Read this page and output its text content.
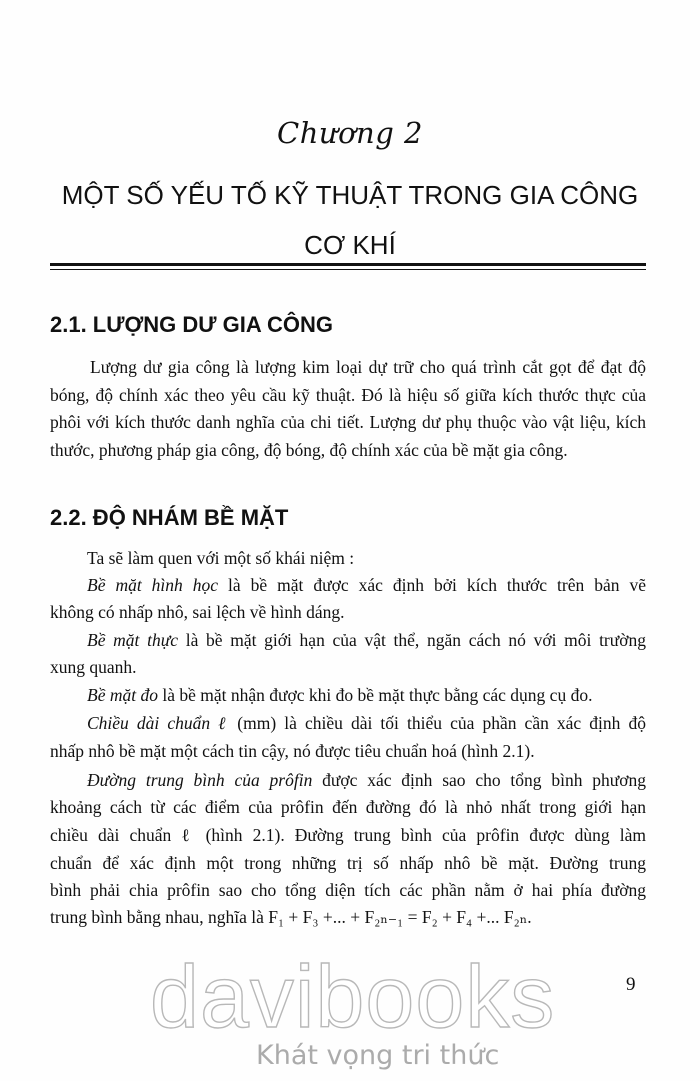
Chương 2
MỘT SỐ YẾU TỐ KỸ THUẬT TRONG GIA CÔNG
CƠ KHÍ
2.1. LƯỢNG DƯ GIA CÔNG
Lượng dư gia công là lượng kim loại dự trữ cho quá trình cắt gọt để đạt độ bóng, độ chính xác theo yêu cầu kỹ thuật. Đó là hiệu số giữa kích thước thực của phôi với kích thước danh nghĩa của chi tiết. Lượng dư phụ thuộc vào vật liệu, kích thước, phương pháp gia công, độ bóng, độ chính xác của bề mặt gia công.
2.2. ĐỘ NHÁM BỀ MẶT
Ta sẽ làm quen với một số khái niệm :
Bề mặt hình học là bề mặt được xác định bởi kích thước trên bản vẽ
không có nhấp nhô, sai lệch về hình dáng.
Bề mặt thực là bề mặt giới hạn của vật thể, ngăn cách nó với môi trường
xung quanh.
Bề mặt đo là bề mặt nhận được khi đo bề mặt thực bằng các dụng cụ đo.
Chiều dài chuẩn ℓ (mm) là chiều dài tối thiểu của phần cần xác định độ
nhấp nhô bề mặt một cách tin cậy, nó được tiêu chuẩn hoá (hình 2.1).
Đường trung bình của prôfin được xác định sao cho tổng bình phương
khoảng cách từ các điểm của prôfin đến đường đó là nhỏ nhất trong giới hạn
chiều dài chuẩn ℓ (hình 2.1). Đường trung bình của prôfin được dùng làm
chuẩn để xác định một trong những trị số nhấp nhô bề mặt. Đường trung
bình phải chia prôfin sao cho tổng diện tích các phần nằm ở hai phía đường
trung bình bằng nhau, nghĩa là F₁ + F₃ +... + F₂ₙ₋₁ = F₂ + F₄ +... F₂ₙ.
9
davibooks
Khát vọng tri thức
